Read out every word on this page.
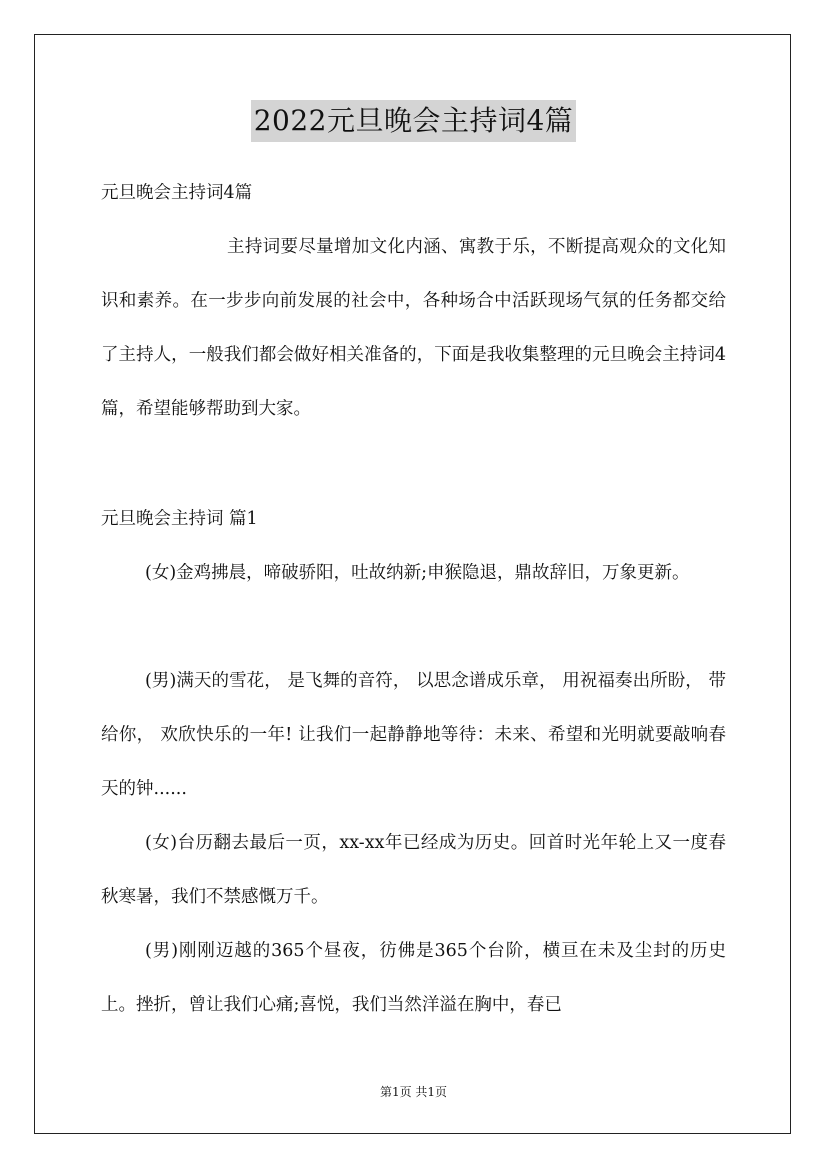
2022元旦晚会主持词4篇
元旦晚会主持词4篇
主持词要尽量增加文化内涵、寓教于乐，不断提高观众的文化知识和素养。在一步步向前发展的社会中，各种场合中活跃现场气氛的任务都交给了主持人，一般我们都会做好相关准备的，下面是我收集整理的元旦晚会主持词4篇，希望能够帮助到大家。
元旦晚会主持词 篇1
(女)金鸡拂晨，啼破骄阳，吐故纳新;申猴隐退，鼎故辞旧，万象更新。
(男)满天的雪花， 是飞舞的音符， 以思念谱成乐章， 用祝福奏出所盼， 带给你， 欢欣快乐的一年! 让我们一起静静地等待：未来、希望和光明就要敲响春天的钟......
(女)台历翻去最后一页，xx-xx年已经成为历史。回首时光年轮上又一度春秋寒暑，我们不禁感慨万千。
(男)刚刚迈越的365个昼夜，彷佛是365个台阶，横亘在未及尘封的历史上。挫折，曾让我们心痛;喜悦，我们当然洋溢在胸中，春已
第1页 共1页
